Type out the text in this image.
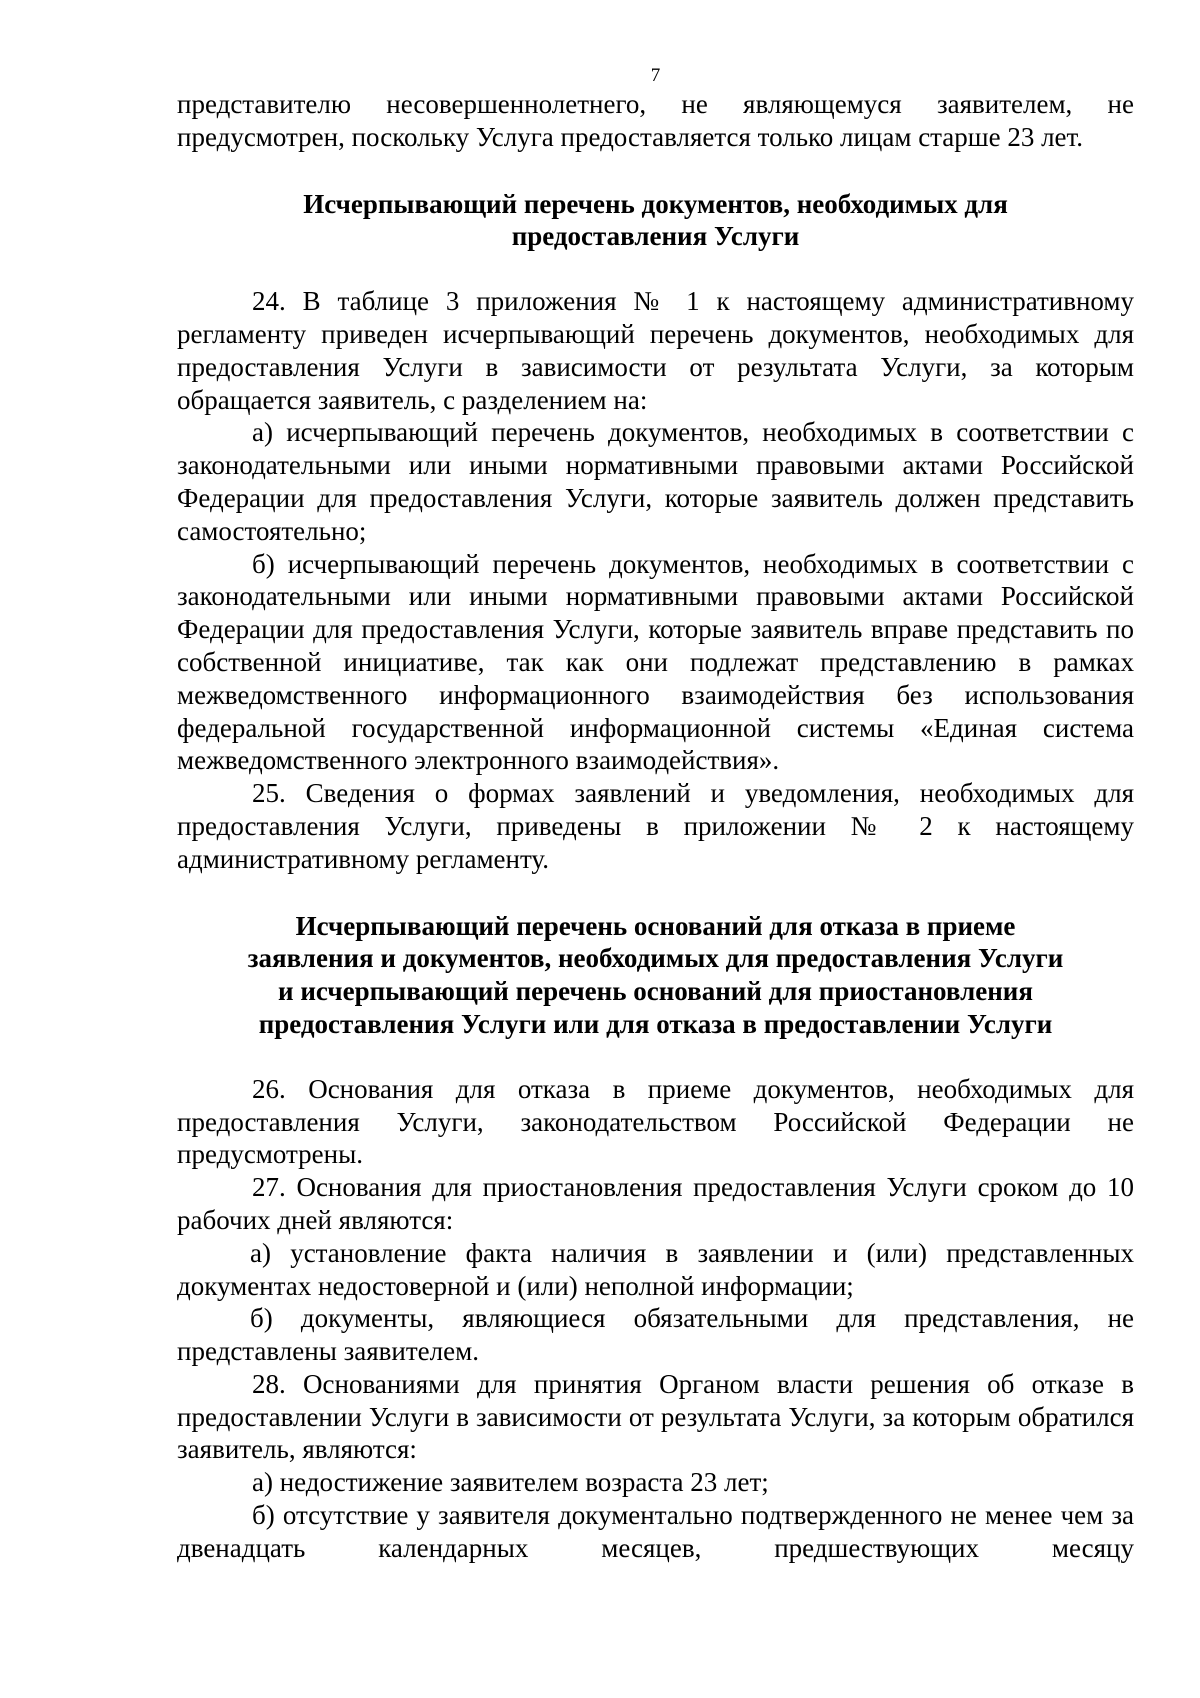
7

представителю несовершеннолетнего, не являющемуся заявителем, не предусмотрен, поскольку Услуга предоставляется только лицам старше 23 лет.

Исчерпывающий перечень документов, необходимых для
предоставления Услуги

24. В таблице 3 приложения № 1 к настоящему административному регламенту приведен исчерпывающий перечень документов, необходимых для предоставления Услуги в зависимости от результата Услуги, за которым обращается заявитель, с разделением на:

а) исчерпывающий перечень документов, необходимых в соответствии с законодательными или иными нормативными правовыми актами Российской Федерации для предоставления Услуги, которые заявитель должен представить самостоятельно;

б) исчерпывающий перечень документов, необходимых в соответствии с законодательными или иными нормативными правовыми актами Российской Федерации для предоставления Услуги, которые заявитель вправе представить по собственной инициативе, так как они подлежат представлению в рамках межведомственного информационного взаимодействия без использования федеральной государственной информационной системы «Единая система межведомственного электронного взаимодействия».

25. Сведения о формах заявлений и уведомления, необходимых для предоставления Услуги, приведены в приложении № 2 к настоящему административному регламенту.

Исчерпывающий перечень оснований для отказа в приеме
заявления и документов, необходимых для предоставления Услуги
и исчерпывающий перечень оснований для приостановления
предоставления Услуги или для отказа в предоставлении Услуги

26. Основания для отказа в приеме документов, необходимых для предоставления Услуги, законодательством Российской Федерации не предусмотрены.

27. Основания для приостановления предоставления Услуги сроком до 10 рабочих дней являются:

а) установление факта наличия в заявлении и (или) представленных документах недостоверной и (или) неполной информации;

б) документы, являющиеся обязательными для представления, не представлены заявителем.

28. Основаниями для принятия Органом власти решения об отказе в предоставлении Услуги в зависимости от результата Услуги, за которым обратился заявитель, являются:

а) недостижение заявителем возраста 23 лет;

б) отсутствие у заявителя документально подтвержденного не менее чем за двенадцать календарных месяцев, предшествующих месяцу
